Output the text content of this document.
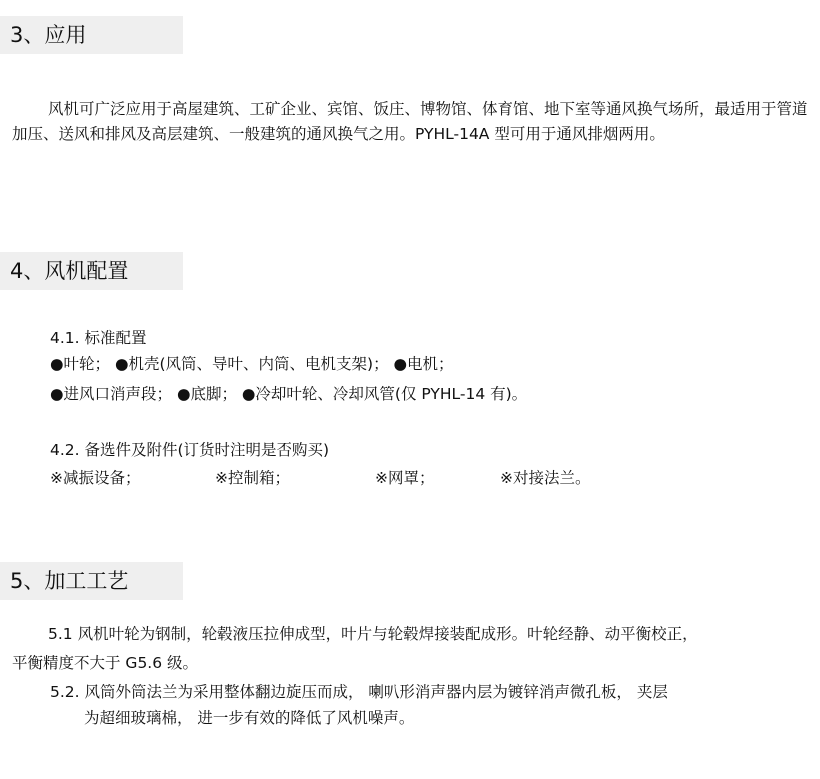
3、应用

风机可广泛应用于高屋建筑、工矿企业、宾馆、饭庄、博物馆、体育馆、地下室等通风换气场所，最适用于管道加压、送风和排风及高层建筑、一般建筑的通风换气之用。PYHL-14A 型可用于通风排烟两用。

4、风机配置

4.1. 标准配置

●叶轮； ●机壳(风筒、导叶、内筒、电机支架)； ●电机；

●进风口消声段； ●底脚； ●冷却叶轮、冷却风管(仅 PYHL-14 有)。

4.2. 备选件及附件(订货时注明是否购买)

※减振设备；	※控制箱；	※网罩；	※对接法兰。
5、加工工艺

5.1 风机叶轮为钢制，轮毂液压拉伸成型，叶片与轮毂焊接装配成形。叶轮经静、动平衡校正，

平衡精度不大于 G5.6 级。

5.2. 风筒外筒法兰为采用整体翻边旋压而成， 喇叭形消声器内层为镀锌消声微孔板， 夹层

为超细玻璃棉， 进一步有效的降低了风机噪声。
